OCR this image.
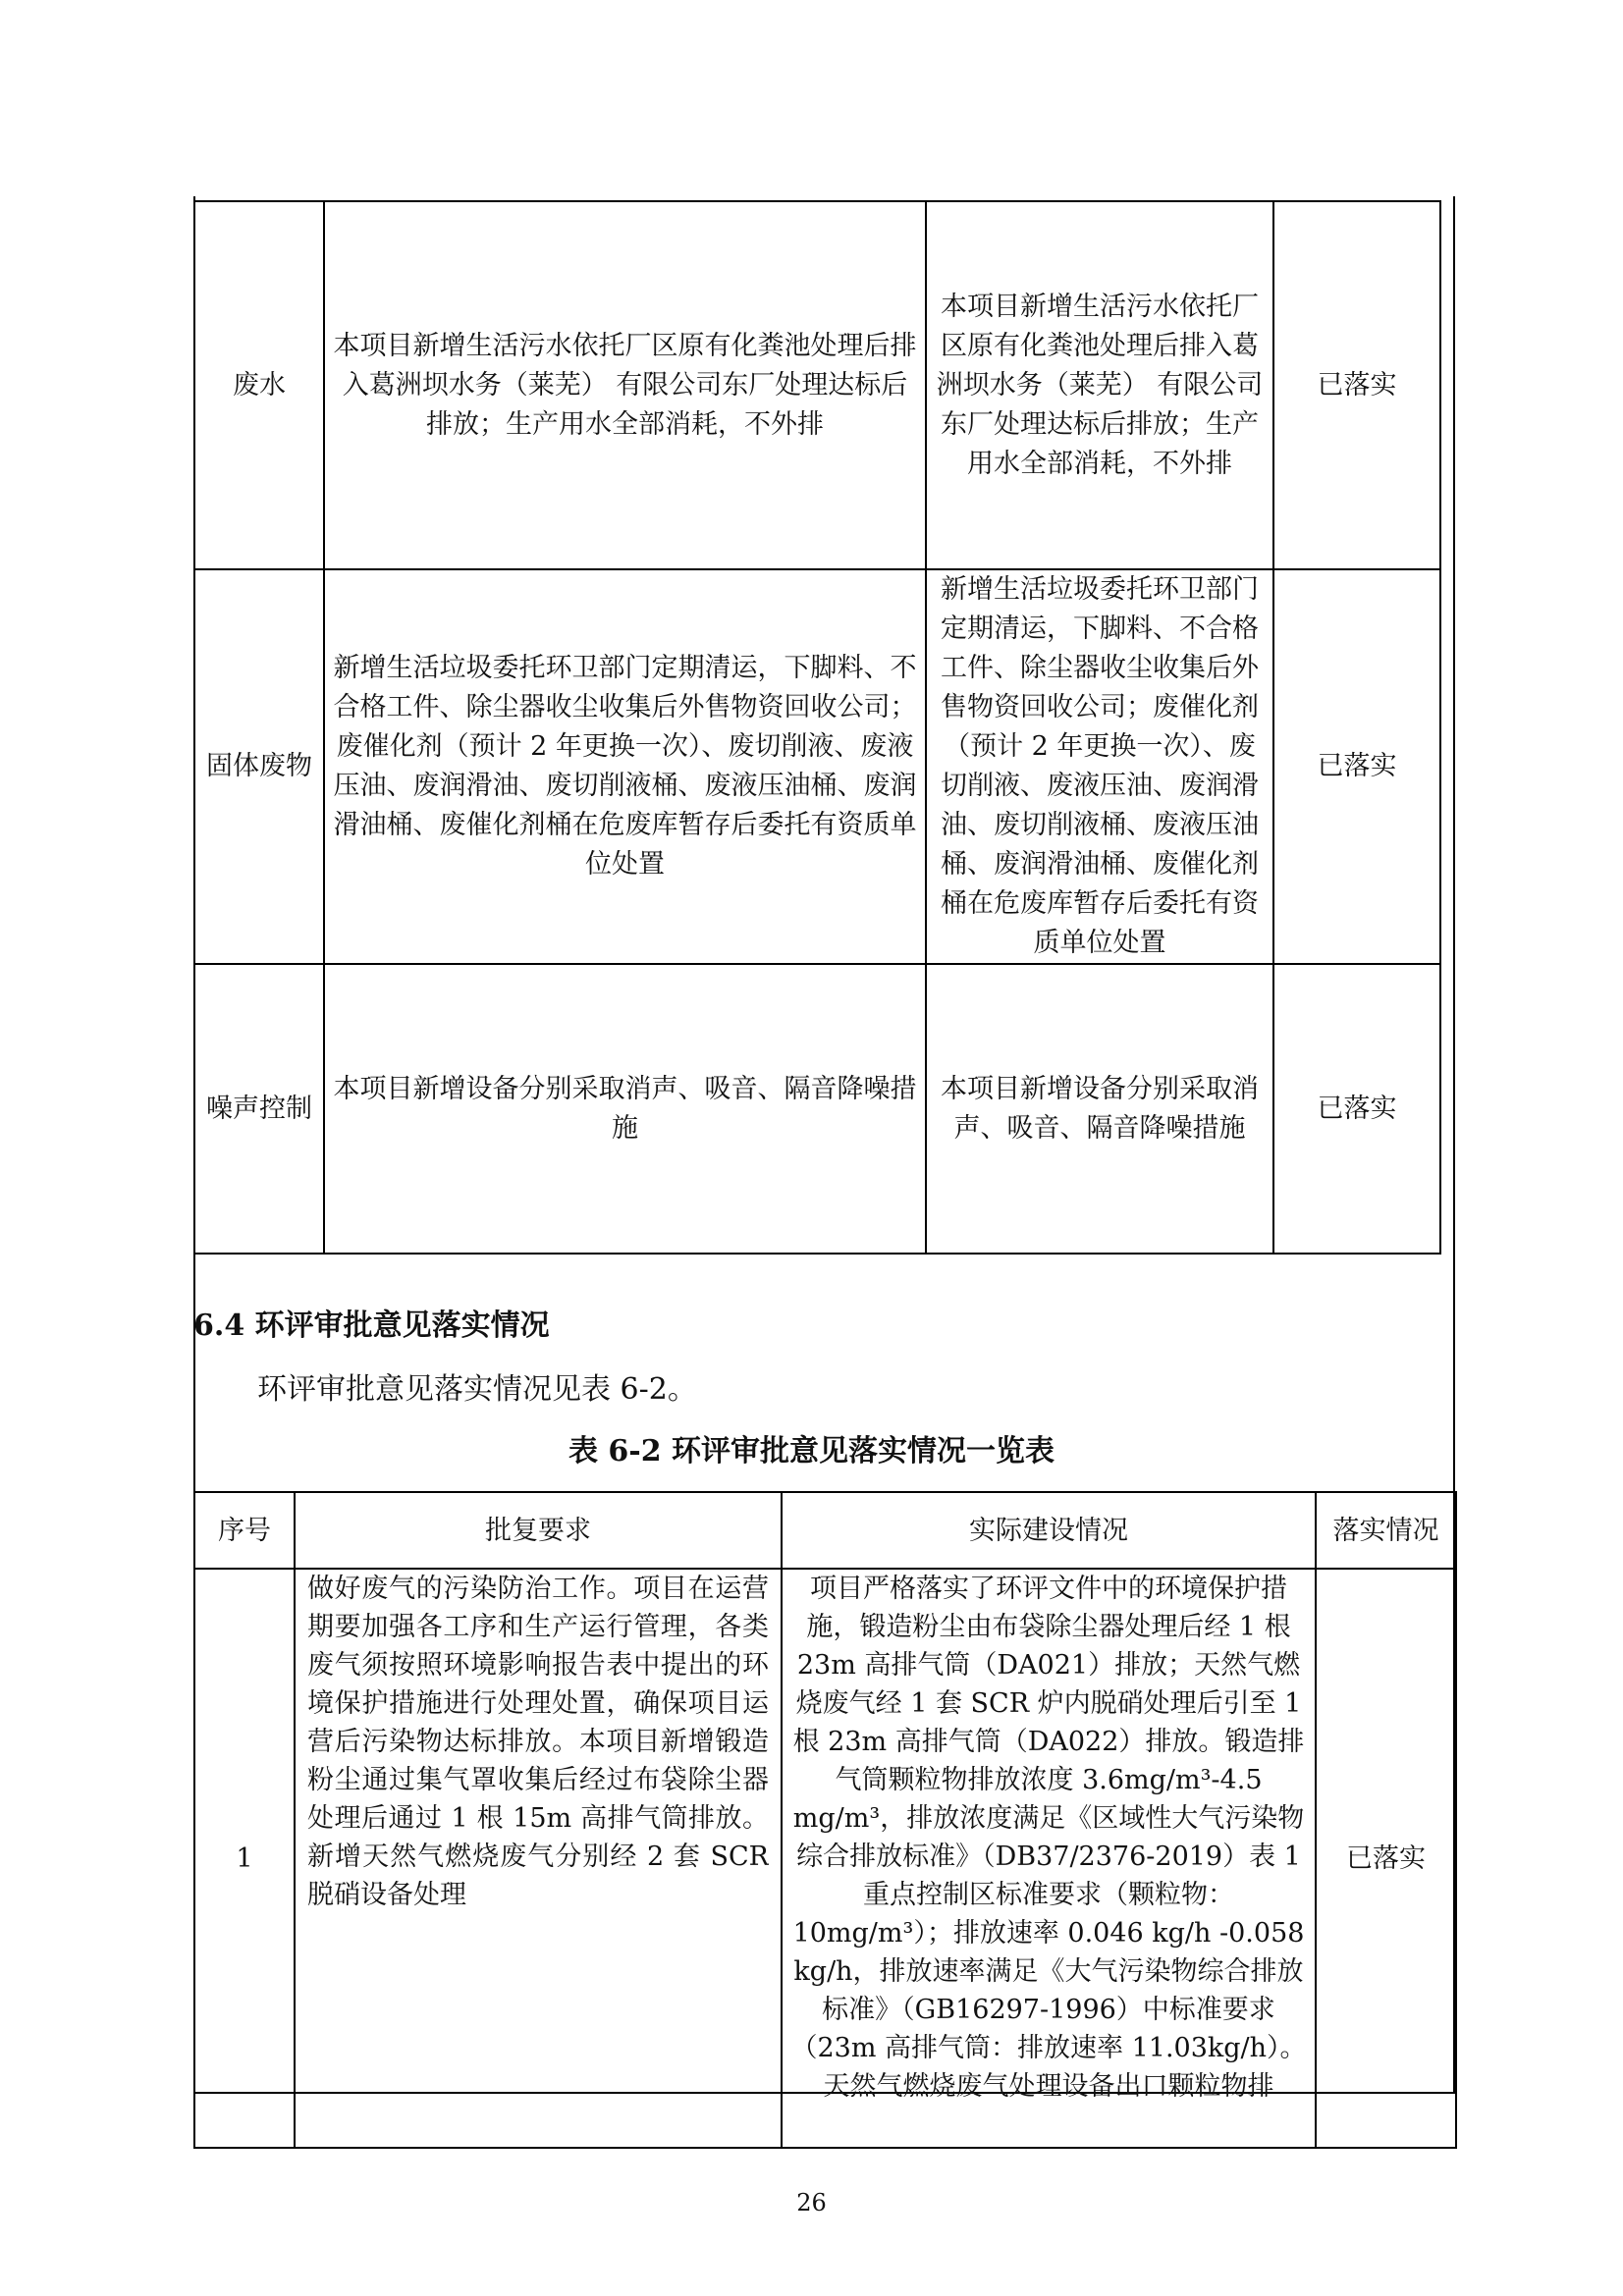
废水	本项目新增生活污水依托厂区原有化粪池处理后排入葛洲坝水务（莱芜） 有限公司东厂处理达标后排放；生产用水全部消耗，不外排	本项目新增生活污水依托厂区原有化粪池处理后排入葛洲坝水务（莱芜） 有限公司东厂处理达标后排放；生产用水全部消耗，不外排	已落实
固体废物	新增生活垃圾委托环卫部门定期清运，下脚料、不合格工件、除尘器收尘收集后外售物资回收公司；废催化剂（预计 2 年更换一次）、废切削液、废液压油、废润滑油、废切削液桶、废液压油桶、废润滑油桶、废催化剂桶在危废库暂存后委托有资质单位处置	新增生活垃圾委托环卫部门定期清运，下脚料、不合格工件、除尘器收尘收集后外售物资回收公司；废催化剂（预计 2 年更换一次）、废切削液、废液压油、废润滑油、废切削液桶、废液压油桶、废润滑油桶、废催化剂桶在危废库暂存后委托有资质单位处置	已落实
噪声控制	本项目新增设备分别采取消声、吸音、隔音降噪措施	本项目新增设备分别采取消声、吸音、隔音降噪措施	已落实
6.4 环评审批意见落实情况
环评审批意见落实情况见表 6-2。
表 6-2 环评审批意见落实情况一览表
序号	批复要求	实际建设情况	落实情况
1	做好废气的污染防治工作。项目在运营期要加强各工序和生产运行管理，各类废气须按照环境影响报告表中提出的环境保护措施进行处理处置，确保项目运营后污染物达标排放。本项目新增锻造粉尘通过集气罩收集后经过布袋除尘器处理后通过 1 根 15m 高排气筒排放。新增天然气燃烧废气分别经 2 套 SCR 脱硝设备处理	项目严格落实了环评文件中的环境保护措施，锻造粉尘由布袋除尘器处理后经 1 根 23m 高排气筒（DA021）排放；天然气燃烧废气经 1 套 SCR 炉内脱硝处理后引至 1 根 23m 高排气筒（DA022）排放。锻造排气筒颗粒物排放浓度 3.6mg/m³-4.5 mg/m³，排放浓度满足《区域性大气污染物综合排放标准》（DB37/2376-2019）表 1 重点控制区标准要求（颗粒物：10mg/m³）；排放速率 0.046 kg/h -0.058 kg/h，排放速率满足《大气污染物综合排放标准》（GB16297-1996）中标准要求（23m 高排气筒：排放速率 11.03kg/h）。天然气燃烧废气处理设备出口颗粒物排	已落实
26
